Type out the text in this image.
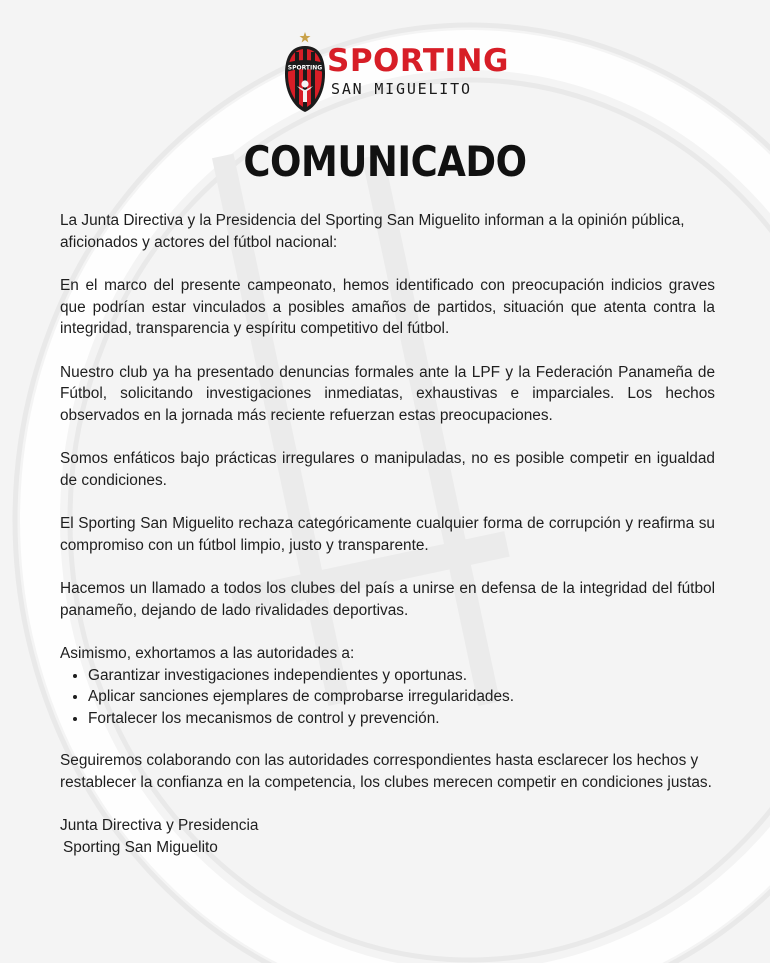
SPORTING SPORTING

SAN MIGUELITO

COMUNICADO

La Junta Directiva y la Presidencia del Sporting San Miguelito informan a la opinión pública, aficionados y actores del fútbol nacional:

En el marco del presente campeonato, hemos identificado con preocupación indicios graves que podrían estar vinculados a posibles amaños de partidos, situación que atenta contra la integridad, transparencia y espíritu competitivo del fútbol.

Nuestro club ya ha presentado denuncias formales ante la LPF y la Federación Panameña de Fútbol, solicitando investigaciones inmediatas, exhaustivas e imparciales. Los hechos observados en la jornada más reciente refuerzan estas preocupaciones.

Somos enfáticos bajo prácticas irregulares o manipuladas, no es posible competir en igualdad de condiciones.

El Sporting San Miguelito rechaza categóricamente cualquier forma de corrupción y reafirma su compromiso con un fútbol limpio, justo y transparente.

Hacemos un llamado a todos los clubes del país a unirse en defensa de la integridad del fútbol panameño, dejando de lado rivalidades deportivas.

Asimismo, exhortamos a las autoridades a:

• Garantizar investigaciones independientes y oportunas.
• Aplicar sanciones ejemplares de comprobarse irregularidades.
• Fortalecer los mecanismos de control y prevención.

Seguiremos colaborando con las autoridades correspondientes hasta esclarecer los hechos y restablecer la confianza en la competencia, los clubes merecen competir en condiciones justas.

Junta Directiva y Presidencia
Sporting San Miguelito
